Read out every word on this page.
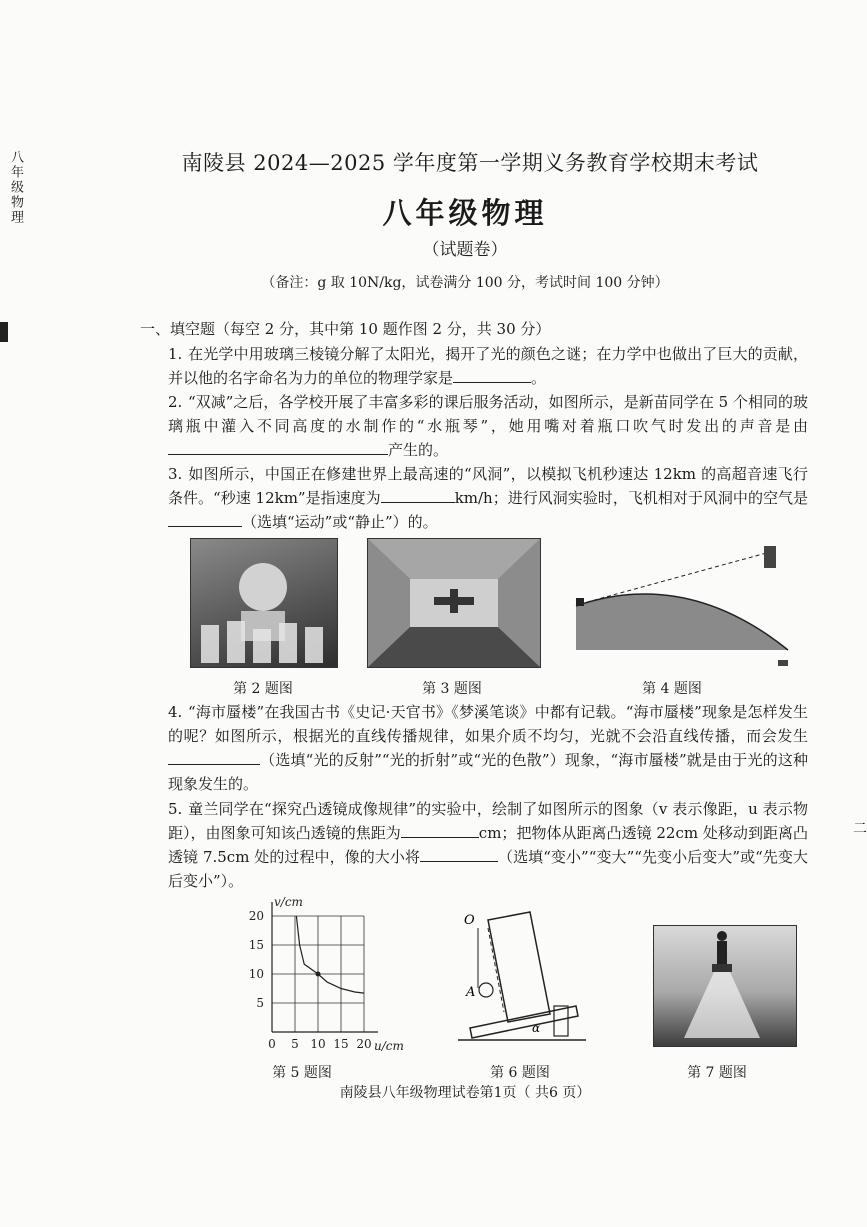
八年级物理
二
南陵县 2024—2025 学年度第一学期义务教育学校期末考试
八年级物理
（试题卷）
（备注：g 取 10N/kg，试卷满分 100 分，考试时间 100 分钟）
一、填空题（每空 2 分，其中第 10 题作图 2 分，共 30 分）
1. 在光学中用玻璃三棱镜分解了太阳光，揭开了光的颜色之谜；在力学中也做出了巨大的贡献，并以他的名字命名为力的单位的物理学家是	。
2. “双减”之后，各学校开展了丰富多彩的课后服务活动，如图所示，是新苗同学在 5 个相同的玻璃瓶中灌入不同高度的水制作的“水瓶琴”，她用嘴对着瓶口吹气时发出的声音是由产生的。
3. 如图所示，中国正在修建世界上最高速的“风洞”，以模拟飞机秒速达 12km 的高超音速飞行条件。“秒速 12km”是指速度为	km/h；进行风洞实验时，飞机相对于风洞中的空气是（选填“运动”或“静止”）的。
第 2 题图	第 3 题图	第 4 题图
4. “海市蜃楼”在我国古书《史记·天官书》《梦溪笔谈》中都有记载。“海市蜃楼”现象是怎样发生的呢？如图所示，根据光的直线传播规律，如果介质不均匀，光就不会沿直线传播，而会发生（选填“光的反射”“光的折射”或“光的色散”）现象，“海市蜃楼”就是由于光的这种现象发生的。
5. 童兰同学在“探究凸透镜成像规律”的实验中，绘制了如图所示的图象（v 表示像距，u 表示物距），由图象可知该凸透镜的焦距为	cm；把物体从距离凸透镜 22cm 处移动到距离凸透镜 7.5cm 处的过程中，像的大小将	（选填“变小”“变大”“先变小后变大”或“先变大后变小”）。
0 5 10 15 20
5
10
15
20
v/cm
u/cm
O
A
α
第 5 题图	第 6 题图	第 7 题图
南陵县八年级物理试卷第1页（ 共6 页）
